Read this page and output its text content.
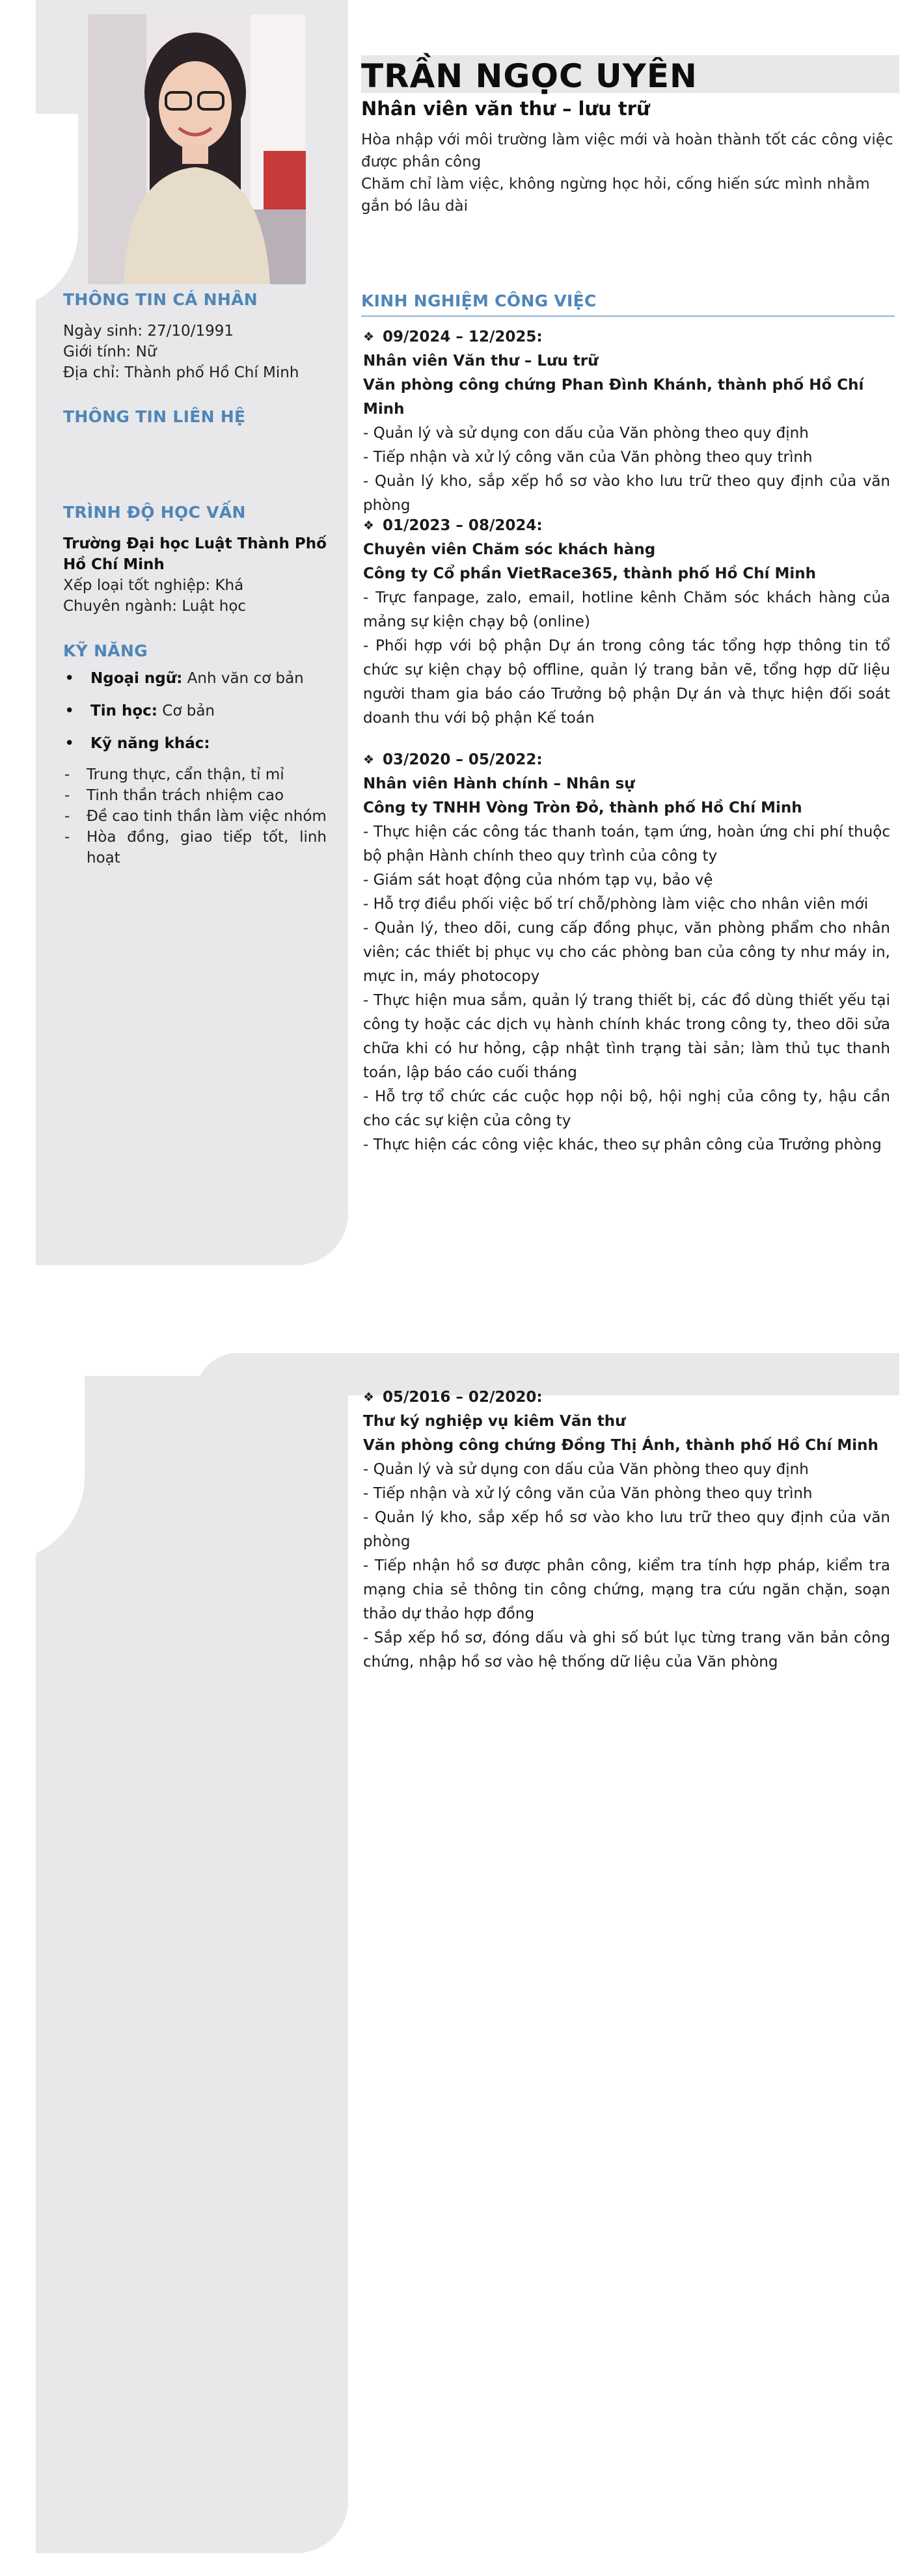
TRẦN NGỌC UYÊN
Nhân viên văn thư – lưu trữ

Hòa nhập với môi trường làm việc mới và hoàn thành tốt các công việc được phân công

Chăm chỉ làm việc, không ngừng học hỏi, cống hiến sức mình nhằm gắn bó lâu dài

THÔNG TIN CÁ NHÂN
Ngày sinh: 27/10/1991
Giới tính: Nữ
Địa chỉ: Thành phố Hồ Chí Minh
THÔNG TIN LIÊN HỆ
TRÌNH ĐỘ HỌC VẤN
Trường Đại học Luật Thành Phố Hồ Chí Minh
Xếp loại tốt nghiệp: Khá
Chuyên ngành: Luật học
KỸ NĂNG
• Ngoại ngữ: Anh văn cơ bản
• Tin học: Cơ bản
• Kỹ năng khác:
- Trung thực, cẩn thận, tỉ mỉ
- Tinh thần trách nhiệm cao
- Đề cao tinh thần làm việc nhóm
- Hòa đồng, giao tiếp tốt, linh hoạt
KINH NGHIỆM CÔNG VIỆC
❖ 09/2024 – 12/2025:
Nhân viên Văn thư – Lưu trữ
Văn phòng công chứng Phan Đình Khánh, thành phố Hồ Chí Minh
- Quản lý và sử dụng con dấu của Văn phòng theo quy định
- Tiếp nhận và xử lý công văn của Văn phòng theo quy trình
- Quản lý kho, sắp xếp hồ sơ vào kho lưu trữ theo quy định của văn phòng
❖ 01/2023 – 08/2024:
Chuyên viên Chăm sóc khách hàng
Công ty Cổ phần VietRace365, thành phố Hồ Chí Minh
- Trực fanpage, zalo, email, hotline kênh Chăm sóc khách hàng của mảng sự kiện chạy bộ (online)
- Phối hợp với bộ phận Dự án trong công tác tổng hợp thông tin tổ chức sự kiện chạy bộ offline, quản lý trang bản vẽ, tổng hợp dữ liệu người tham gia báo cáo Trưởng bộ phận Dự án và thực hiện đối soát doanh thu với bộ phận Kế toán
❖ 03/2020 – 05/2022:
Nhân viên Hành chính – Nhân sự
Công ty TNHH Vòng Tròn Đỏ, thành phố Hồ Chí Minh
- Thực hiện các công tác thanh toán, tạm ứng, hoàn ứng chi phí thuộc bộ phận Hành chính theo quy trình của công ty
- Giám sát hoạt động của nhóm tạp vụ, bảo vệ
- Hỗ trợ điều phối việc bố trí chỗ/phòng làm việc cho nhân viên mới
- Quản lý, theo dõi, cung cấp đồng phục, văn phòng phẩm cho nhân viên; các thiết bị phục vụ cho các phòng ban của công ty như máy in, mực in, máy photocopy
- Thực hiện mua sắm, quản lý trang thiết bị, các đồ dùng thiết yếu tại công ty hoặc các dịch vụ hành chính khác trong công ty, theo dõi sửa chữa khi có hư hỏng, cập nhật tình trạng tài sản; làm thủ tục thanh toán, lập báo cáo cuối tháng
- Hỗ trợ tổ chức các cuộc họp nội bộ, hội nghị của công ty, hậu cần cho các sự kiện của công ty
- Thực hiện các công việc khác, theo sự phân công của Trưởng phòng
❖ 05/2016 – 02/2020:
Thư ký nghiệp vụ kiêm Văn thư
Văn phòng công chứng Đồng Thị Ánh, thành phố Hồ Chí Minh
- Quản lý và sử dụng con dấu của Văn phòng theo quy định
- Tiếp nhận và xử lý công văn của Văn phòng theo quy trình
- Quản lý kho, sắp xếp hồ sơ vào kho lưu trữ theo quy định của văn phòng
- Tiếp nhận hồ sơ được phân công, kiểm tra tính hợp pháp, kiểm tra mạng chia sẻ thông tin công chứng, mạng tra cứu ngăn chặn, soạn thảo dự thảo hợp đồng
- Sắp xếp hồ sơ, đóng dấu và ghi số bút lục từng trang văn bản công chứng, nhập hồ sơ vào hệ thống dữ liệu của Văn phòng
